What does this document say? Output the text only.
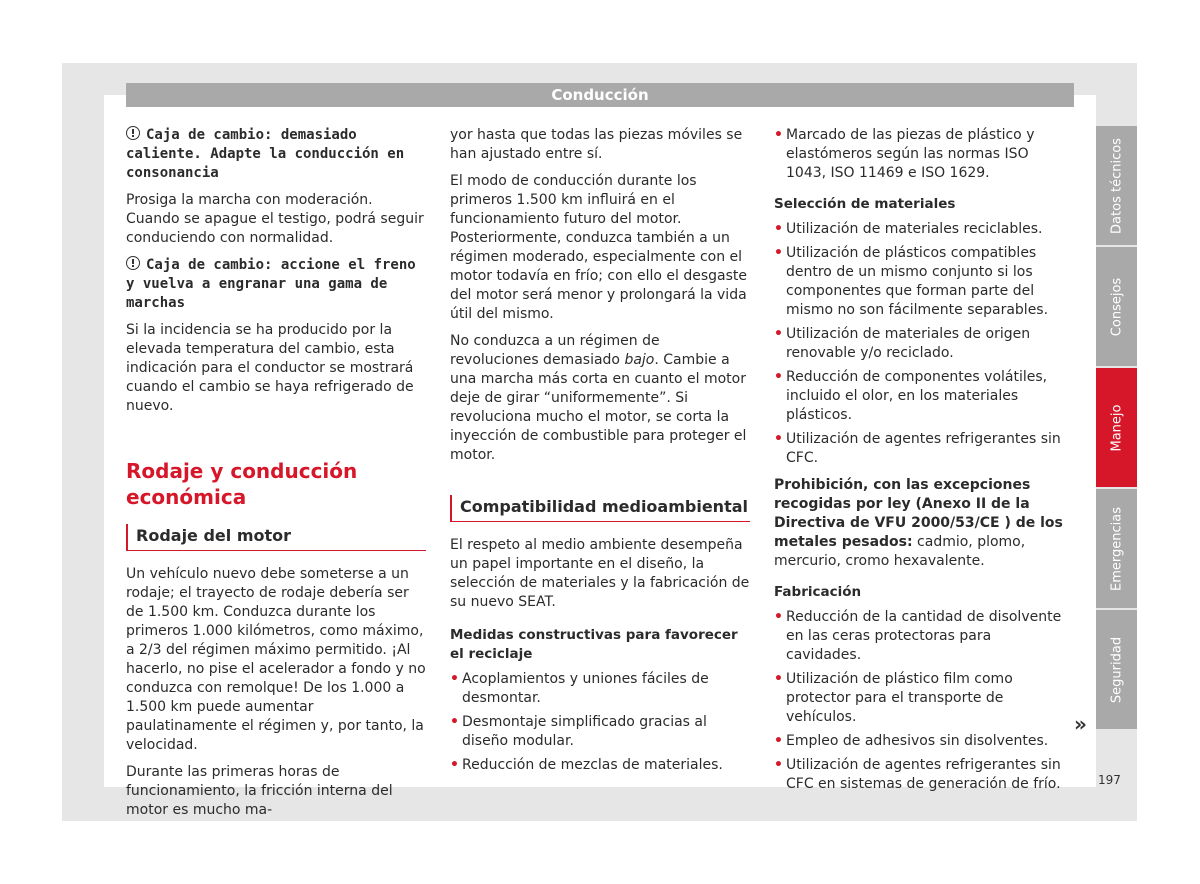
Conducción
Caja de cambio: demasiado caliente. Adapte la conducción en consonancia

Prosiga la marcha con moderación. Cuando se apague el testigo, podrá seguir conduciendo con normalidad.

Caja de cambio: accione el freno y vuelva a engranar una gama de marchas

Si la incidencia se ha producido por la elevada temperatura del cambio, esta indicación para el conductor se mostrará cuando el cambio se haya refrigerado de nuevo.

Rodaje y conducción económica
Rodaje del motor

Un vehículo nuevo debe someterse a un rodaje; el trayecto de rodaje debería ser de 1.500 km. Conduzca durante los primeros 1.000 kilómetros, como máximo, a 2/3 del régimen máximo permitido. ¡Al hacerlo, no pise el acelerador a fondo y no conduzca con remolque! De los 1.000 a 1.500 km puede aumentar paulatinamente el régimen y, por tanto, la velocidad.

Durante las primeras horas de funcionamiento, la fricción interna del motor es mucho ma-

yor hasta que todas las piezas móviles se han ajustado entre sí.

El modo de conducción durante los primeros 1.500 km influirá en el funcionamiento futuro del motor. Posteriormente, conduzca también a un régimen moderado, especialmente con el motor todavía en frío; con ello el desgaste del motor será menor y prolongará la vida útil del mismo.

No conduzca a un régimen de revoluciones demasiado bajo. Cambie a una marcha más corta en cuanto el motor deje de girar “uniformemente”. Si revoluciona mucho el motor, se corta la inyección de combustible para proteger el motor.

Compatibilidad medioambiental

El respeto al medio ambiente desempeña un papel importante en el diseño, la selección de materiales y la fabricación de su nuevo SEAT.

Medidas constructivas para favorecer el reciclaje
• Acoplamientos y uniones fáciles de desmontar.
• Desmontaje simplificado gracias al diseño modular.
• Reducción de mezclas de materiales.
• Marcado de las piezas de plástico y elastómeros según las normas ISO 1043, ISO 11469 e ISO 1629.
Selección de materiales
• Utilización de materiales reciclables.
• Utilización de plásticos compatibles dentro de un mismo conjunto si los componentes que forman parte del mismo no son fácilmente separables.
• Utilización de materiales de origen renovable y/o reciclado.
• Reducción de componentes volátiles, incluido el olor, en los materiales plásticos.
• Utilización de agentes refrigerantes sin CFC.

Prohibición, con las excepciones recogidas por ley (Anexo II de la Directiva de VFU 2000/53/CE ) de los metales pesados: cadmio, plomo, mercurio, cromo hexavalente.

Fabricación
• Reducción de la cantidad de disolvente en las ceras protectoras para cavidades.
• Utilización de plástico film como protector para el transporte de vehículos.
• Empleo de adhesivos sin disolventes.
• Utilización de agentes refrigerantes sin CFC en sistemas de generación de frío.
Datos técnicos
Consejos
Manejo
Emergencias
Seguridad
»
197
